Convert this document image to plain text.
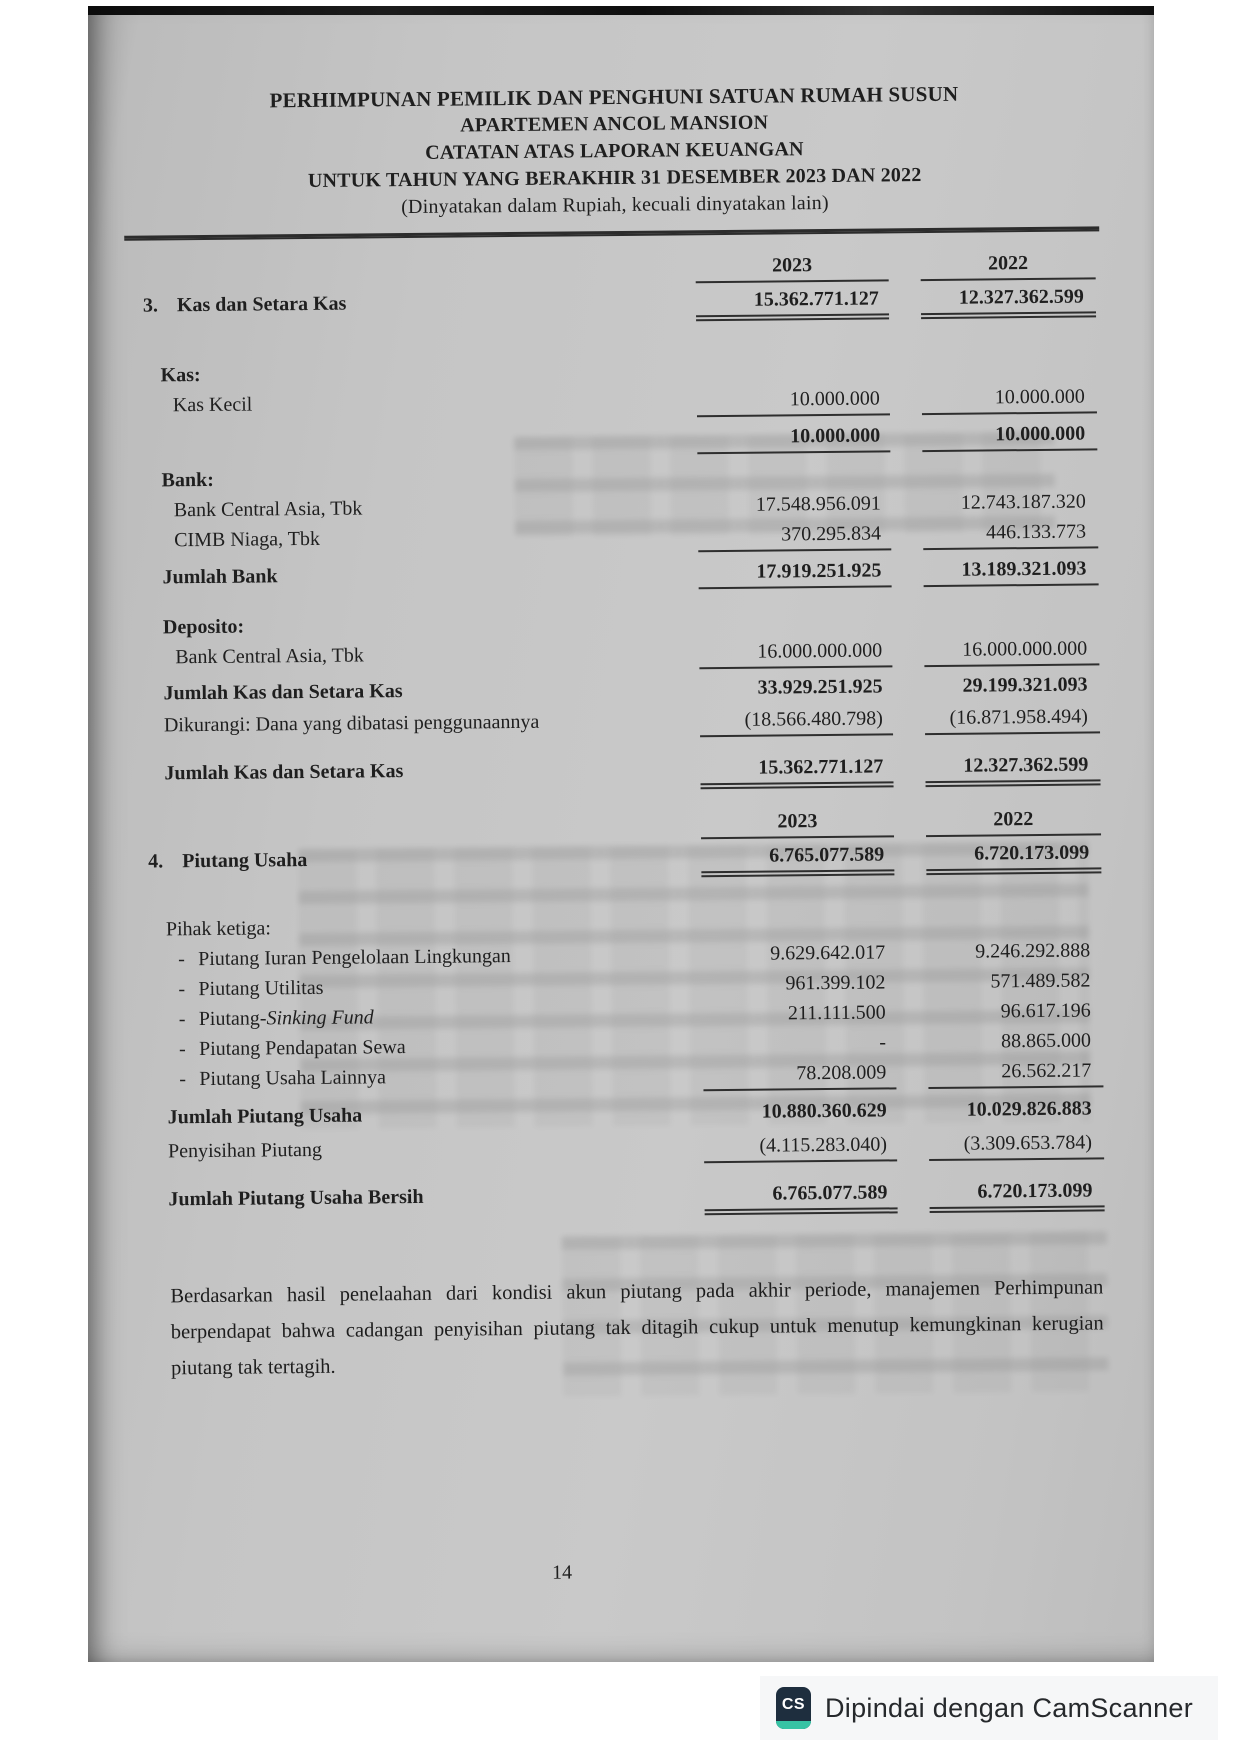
PERHIMPUNAN PEMILIK DAN PENGHUNI SATUAN RUMAH SUSUN
APARTEMEN ANCOL MANSION
CATATAN ATAS LAPORAN KEUANGAN
UNTUK TAHUN YANG BERAKHIR 31 DESEMBER 2023 DAN 2022
(Dinyatakan dalam Rupiah, kecuali dinyatakan lain)
2023	2022
3. Kas dan Setara Kas	15.362.771.127	12.327.362.599
Kas:
Kas Kecil	10.000.000	10.000.000
10.000.000	10.000.000
Bank:
Bank Central Asia, Tbk	17.548.956.091	12.743.187.320
CIMB Niaga, Tbk	370.295.834	446.133.773
Jumlah Bank	17.919.251.925	13.189.321.093
Deposito:
Bank Central Asia, Tbk	16.000.000.000	16.000.000.000
Jumlah Kas dan Setara Kas	33.929.251.925	29.199.321.093
Dikurangi: Dana yang dibatasi penggunaannya	(18.566.480.798)	(16.871.958.494)
Jumlah Kas dan Setara Kas	15.362.771.127	12.327.362.599
2023	2022
4. Piutang Usaha	6.765.077.589	6.720.173.099
Pihak ketiga:
- Piutang Iuran Pengelolaan Lingkungan	9.629.642.017	9.246.292.888
- Piutang Utilitas	961.399.102	571.489.582
- Piutang-Sinking Fund	211.111.500	96.617.196
- Piutang Pendapatan Sewa	-	88.865.000
- Piutang Usaha Lainnya	78.208.009	26.562.217
Jumlah Piutang Usaha	10.880.360.629	10.029.826.883
Penyisihan Piutang	(4.115.283.040)	(3.309.653.784)
Jumlah Piutang Usaha Bersih	6.765.077.589	6.720.173.099
Berdasarkan hasil penelaahan dari kondisi akun piutang pada akhir periode, manajemen Perhimpunan berpendapat bahwa cadangan penyisihan piutang tak ditagih cukup untuk menutup kemungkinan kerugian piutang tak tertagih.
14
CS Dipindai dengan CamScanner
